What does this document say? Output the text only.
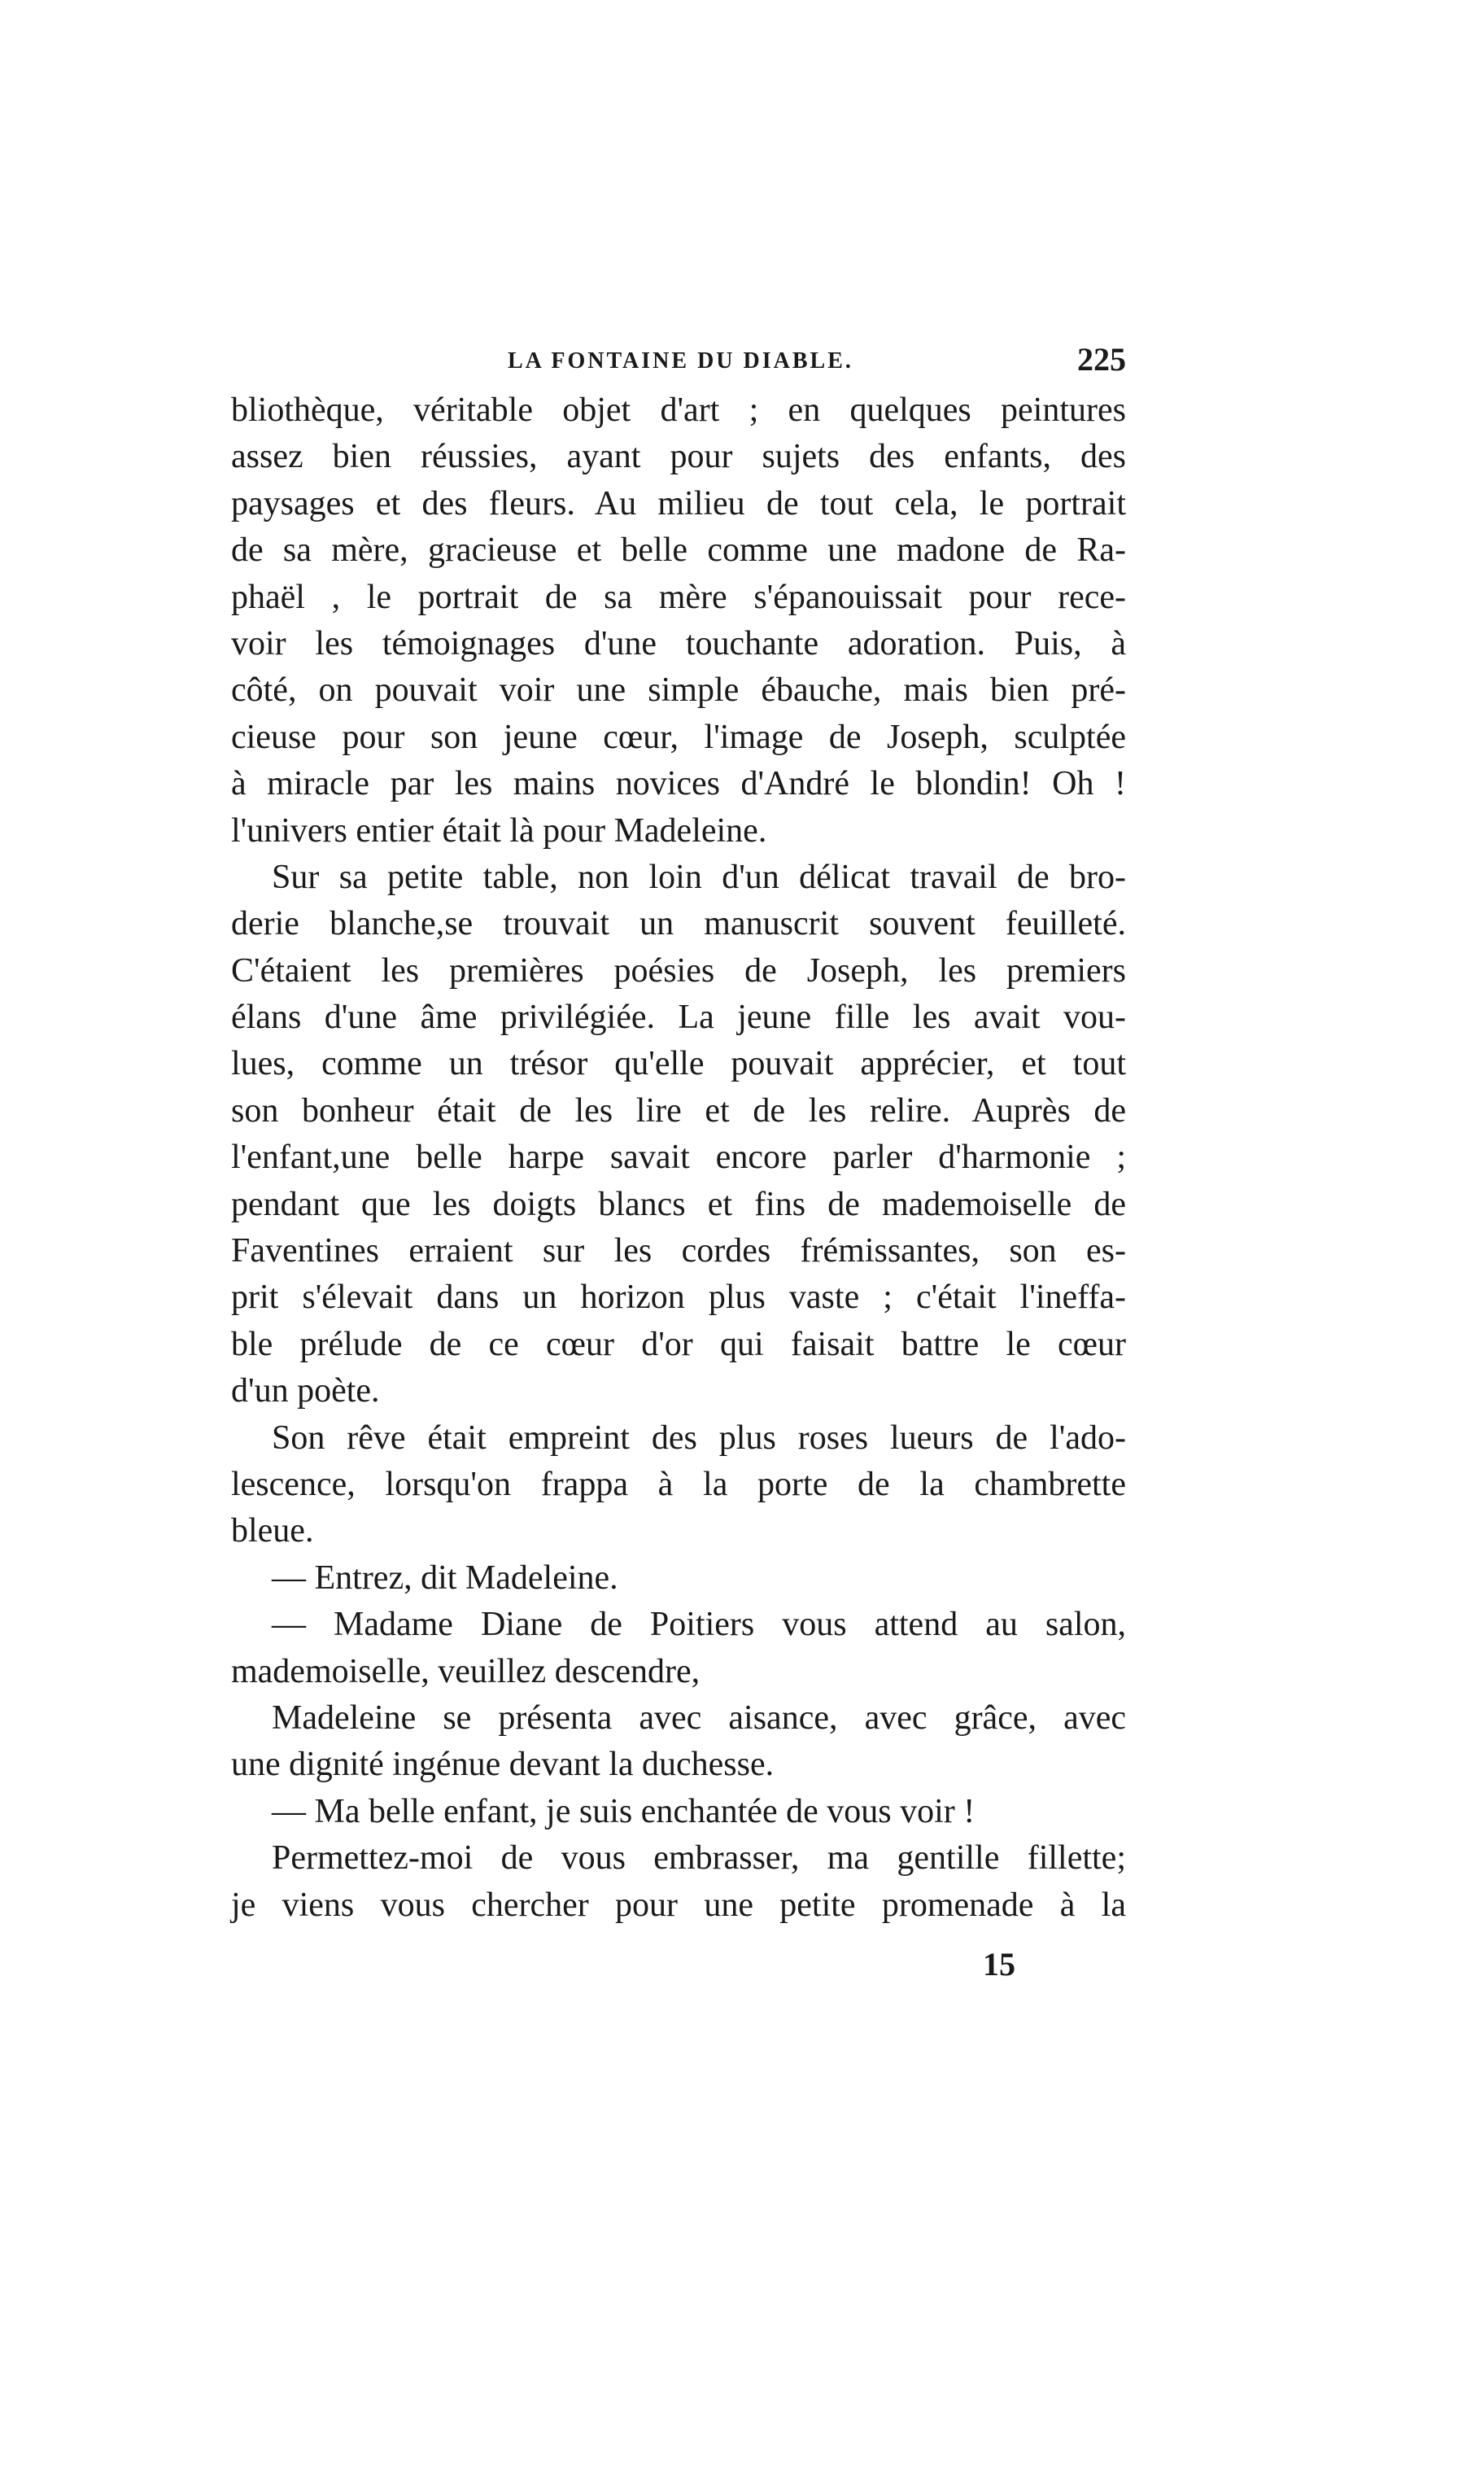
LA FONTAINE DU DIABLE.	225
bliothèque, véritable objet d'art ; en quelques peintures
assez bien réussies, ayant pour sujets des enfants, des
paysages et des fleurs. Au milieu de tout cela, le portrait
de sa mère, gracieuse et belle comme une madone de Ra-
phaël , le portrait de sa mère s'épanouissait pour rece-
voir les témoignages d'une touchante adoration. Puis, à
côté, on pouvait voir une simple ébauche, mais bien pré-
cieuse pour son jeune cœur, l'image de Joseph, sculptée
à miracle par les mains novices d'André le blondin! Oh !
l'univers entier était là pour Madeleine.
Sur sa petite table, non loin d'un délicat travail de bro-
derie blanche,se trouvait un manuscrit souvent feuilleté.
C'étaient les premières poésies de Joseph, les premiers
élans d'une âme privilégiée. La jeune fille les avait vou-
lues, comme un trésor qu'elle pouvait apprécier, et tout
son bonheur était de les lire et de les relire. Auprès de
l'enfant,une belle harpe savait encore parler d'harmonie ;
pendant que les doigts blancs et fins de mademoiselle de
Faventines erraient sur les cordes frémissantes, son es-
prit s'élevait dans un horizon plus vaste ; c'était l'ineffa-
ble prélude de ce cœur d'or qui faisait battre le cœur
d'un poète.
Son rêve était empreint des plus roses lueurs de l'ado-
lescence, lorsqu'on frappa à la porte de la chambrette
bleue.
— Entrez, dit Madeleine.
— Madame Diane de Poitiers vous attend au salon,
mademoiselle, veuillez descendre,
Madeleine se présenta avec aisance, avec grâce, avec
une dignité ingénue devant la duchesse.
— Ma belle enfant, je suis enchantée de vous voir !
Permettez-moi de vous embrasser, ma gentille fillette;
je viens vous chercher pour une petite promenade à la
15
